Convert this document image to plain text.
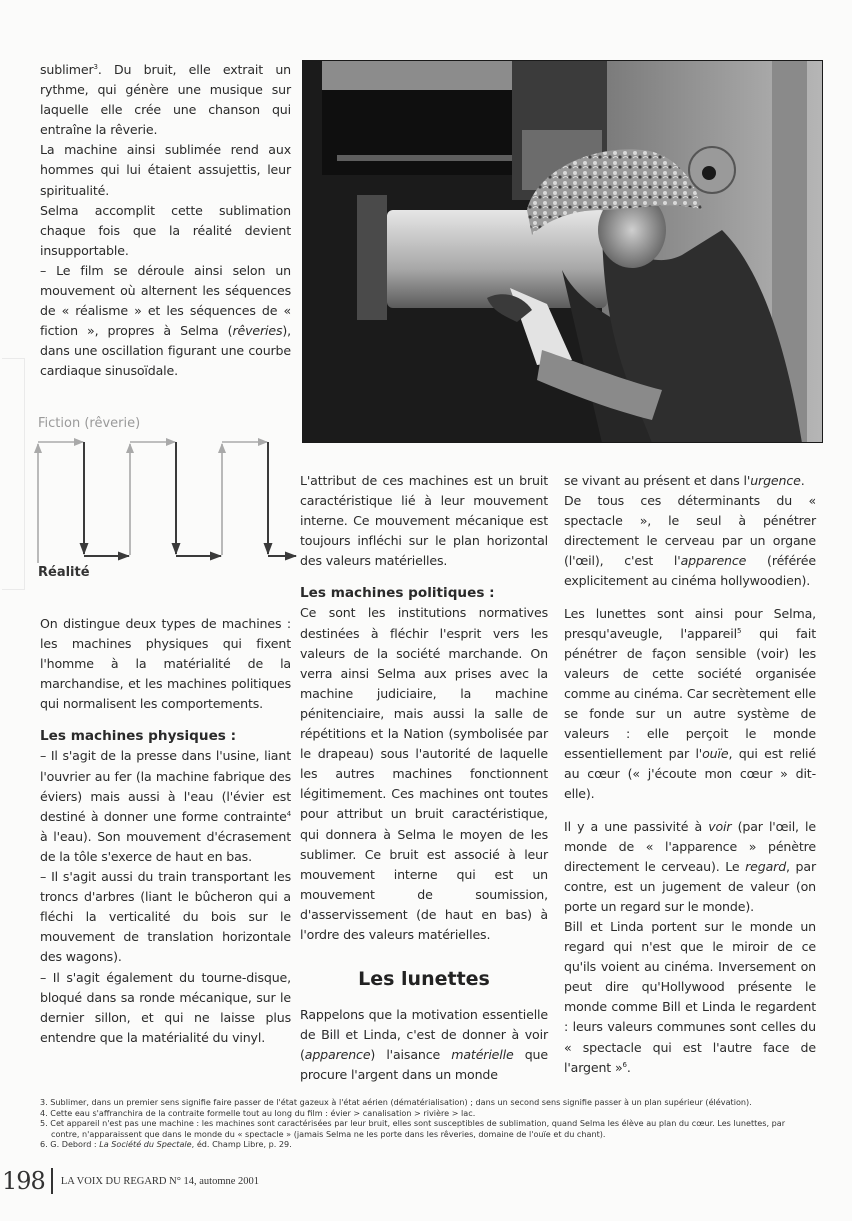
sublimer$^3$. Du bruit, elle extrait un rythme, qui génère une musique sur laquelle elle crée une chanson qui entraîne la rêverie.

La machine ainsi sublimée rend aux hommes qui lui étaient assujettis, leur spiritualité.

Selma accomplit cette sublimation chaque fois que la réalité devient insupportable.

– Le film se déroule ainsi selon un mouvement où alternent les séquences de « réalisme » et les séquences de « fiction », propres à Selma (rêveries), dans une oscillation figurant une courbe cardiaque sinusoïdale.

Fiction (rêverie)
Réalité

On distingue deux types de machines : les machines physiques qui fixent l'homme à la matérialité de la marchandise, et les machines politiques qui normalisent les comportements.

Les machines physiques :

– Il s'agit de la presse dans l'usine, liant l'ouvrier au fer (la machine fabrique des éviers) mais aussi à l'eau (l'évier est destiné à donner une forme contrainte$^4$ à l'eau). Son mouvement d'écrasement de la tôle s'exerce de haut en bas.

– Il s'agit aussi du train transportant les troncs d'arbres (liant le bûcheron qui a fléchi la verticalité du bois sur le mouvement de translation horizontale des wagons).

– Il s'agit également du tourne-disque, bloqué dans sa ronde mécanique, sur le dernier sillon, et qui ne laisse plus entendre que la matérialité du vinyl.

L'attribut de ces machines est un bruit caractéristique lié à leur mouvement interne. Ce mouvement mécanique est toujours infléchi sur le plan horizontal des valeurs matérielles.

Les machines politiques :

Ce sont les institutions normatives destinées à fléchir l'esprit vers les valeurs de la société marchande. On verra ainsi Selma aux prises avec la machine judiciaire, la machine pénitenciaire, mais aussi la salle de répétitions et la Nation (symbolisée par le drapeau) sous l'autorité de laquelle les autres machines fonctionnent légitimement. Ces machines ont toutes pour attribut un bruit caractéristique, qui donnera à Selma le moyen de les sublimer. Ce bruit est associé à leur mouvement interne qui est un mouvement de soumission, d'asservissement (de haut en bas) à l'ordre des valeurs matérielles.

Les lunettes

Rappelons que la motivation essentielle de Bill et Linda, c'est de donner à voir (apparence) l'aisance matérielle que procure l'argent dans un monde

se vivant au présent et dans l'urgence.

De tous ces déterminants du « spectacle », le seul à pénétrer directement le cerveau par un organe (l'œil), c'est l'apparence (référée explicitement au cinéma hollywoodien).

Les lunettes sont ainsi pour Selma, presqu'aveugle, l'appareil$^5$ qui fait pénétrer de façon sensible (voir) les valeurs de cette société organisée comme au cinéma. Car secrètement elle se fonde sur un autre système de valeurs : elle perçoit le monde essentiellement par l'ouïe, qui est relié au cœur (« j'écoute mon cœur » dit-elle).

Il y a une passivité à voir (par l'œil, le monde de « l'apparence » pénètre directement le cerveau). Le regard, par contre, est un jugement de valeur (on porte un regard sur le monde).

Bill et Linda portent sur le monde un regard qui n'est que le miroir de ce qu'ils voient au cinéma. Inversement on peut dire qu'Hollywood présente le monde comme Bill et Linda le regardent : leurs valeurs communes sont celles du « spectacle qui est l'autre face de l'argent »$^6$.

3. Sublimer, dans un premier sens signifie faire passer de l'état gazeux à l'état aérien (dématérialisation) ; dans un second sens signifie passer à un plan supérieur (élévation).

4. Cette eau s'affranchira de la contraite formelle tout au long du film : évier > canalisation > rivière > lac.

5. Cet appareil n'est pas une machine : les machines sont caractérisées par leur bruit, elles sont susceptibles de sublimation, quand Selma les élève au plan du cœur. Les lunettes, par

contre, n'apparaissent que dans le monde du « spectacle » (jamais Selma ne les porte dans les rêveries, domaine de l'ouïe et du chant).

6. G. Debord : La Société du Spectale, éd. Champ Libre, p. 29.

198 LA VOIX DU REGARD N° 14, automne 2001
